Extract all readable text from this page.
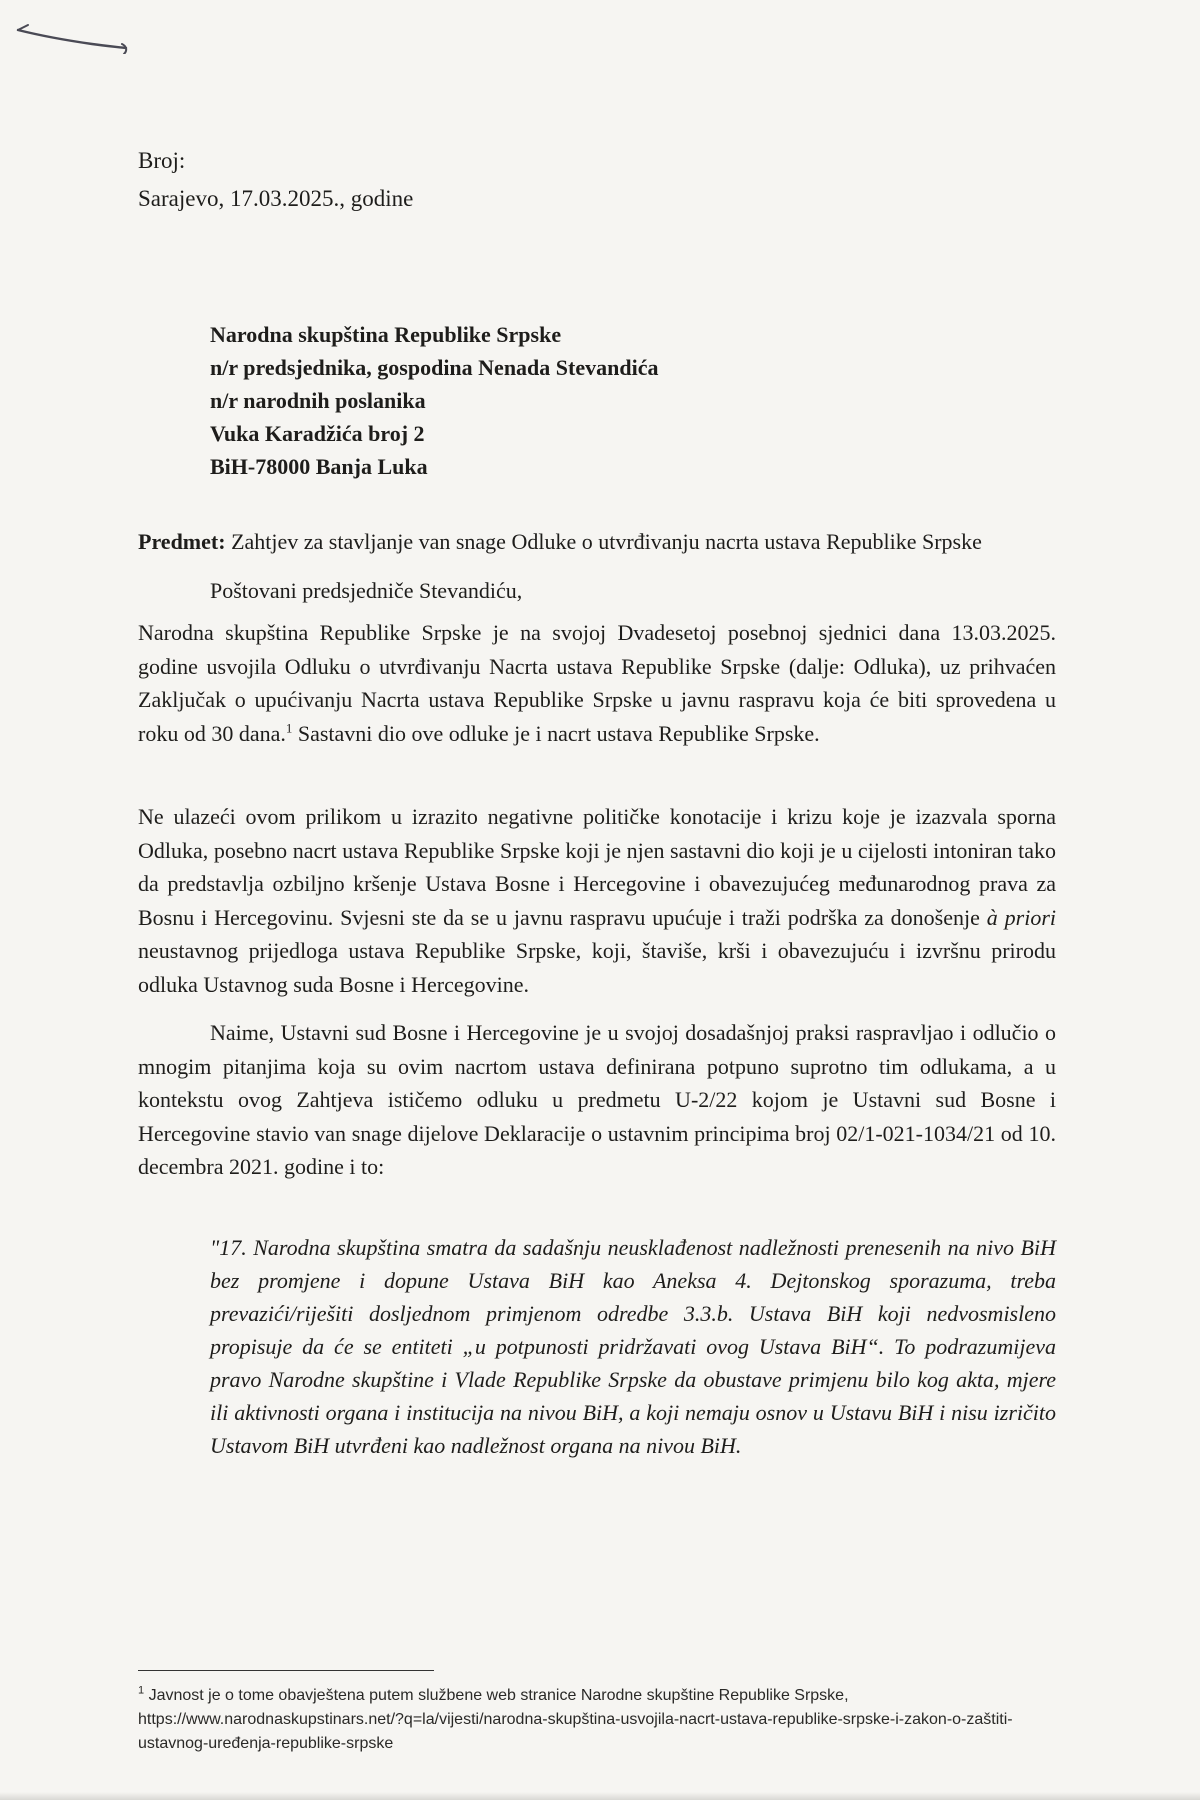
Broj:
Sarajevo, 17.03.2025., godine
Narodna skupština Republike Srpske
n/r predsjednika, gospodina Nenada Stevandića
n/r narodnih poslanika
Vuka Karadžića broj 2
BiH-78000 Banja Luka
Predmet: Zahtjev za stavljanje van snage Odluke o utvrđivanju nacrta ustava Republike Srpske
Poštovani predsjedniče Stevandiću,
Narodna skupština Republike Srpske je na svojoj Dvadesetoj posebnoj sjednici dana 13.03.2025. godine usvojila Odluku o utvrđivanju Nacrta ustava Republike Srpske (dalje: Odluka), uz prihvaćen Zaključak o upućivanju Nacrta ustava Republike Srpske u javnu raspravu koja će biti sprovedena u roku od 30 dana.$^1$ Sastavni dio ove odluke je i nacrt ustava Republike Srpske.
Ne ulazeći ovom prilikom u izrazito negativne političke konotacije i krizu koje je izazvala sporna Odluka, posebno nacrt ustava Republike Srpske koji je njen sastavni dio koji je u cijelosti intoniran tako da predstavlja ozbiljno kršenje Ustava Bosne i Hercegovine i obavezujućeg međunarodnog prava za Bosnu i Hercegovinu. Svjesni ste da se u javnu raspravu upućuje i traži podrška za donošenje à priori neustavnog prijedloga ustava Republike Srpske, koji, štaviše, krši i obavezujuću i izvršnu prirodu odluka Ustavnog suda Bosne i Hercegovine.
Naime, Ustavni sud Bosne i Hercegovine je u svojoj dosadašnjoj praksi raspravljao i odlučio o mnogim pitanjima koja su ovim nacrtom ustava definirana potpuno suprotno tim odlukama, a u kontekstu ovog Zahtjeva ističemo odluku u predmetu U-2/22 kojom je Ustavni sud Bosne i Hercegovine stavio van snage dijelove Deklaracije o ustavnim principima broj 02/1-021-1034/21 od 10. decembra 2021. godine i to:
"17. Narodna skupština smatra da sadašnju neusklađenost nadležnosti prenesenih na nivo BiH bez promjene i dopune Ustava BiH kao Aneksa 4. Dejtonskog sporazuma, treba prevazići/riješiti dosljednom primjenom odredbe 3.3.b. Ustava BiH koji nedvosmisleno propisuje da će se entiteti „u potpunosti pridržavati ovog Ustava BiH“. To podrazumijeva pravo Narodne skupštine i Vlade Republike Srpske da obustave primjenu bilo kog akta, mjere ili aktivnosti organa i institucija na nivou BiH, a koji nemaju osnov u Ustavu BiH i nisu izričito Ustavom BiH utvrđeni kao nadležnost organa na nivou BiH.
$^1$ Javnost je o tome obavještena putem službene web stranice Narodne skupštine Republike Srpske, https://www.narodnaskupstinars.net/?q=la/vijesti/narodna-skupština-usvojila-nacrt-ustava-republike-srpske-i-zakon-o-zaštiti-ustavnog-uređenja-republike-srpske
